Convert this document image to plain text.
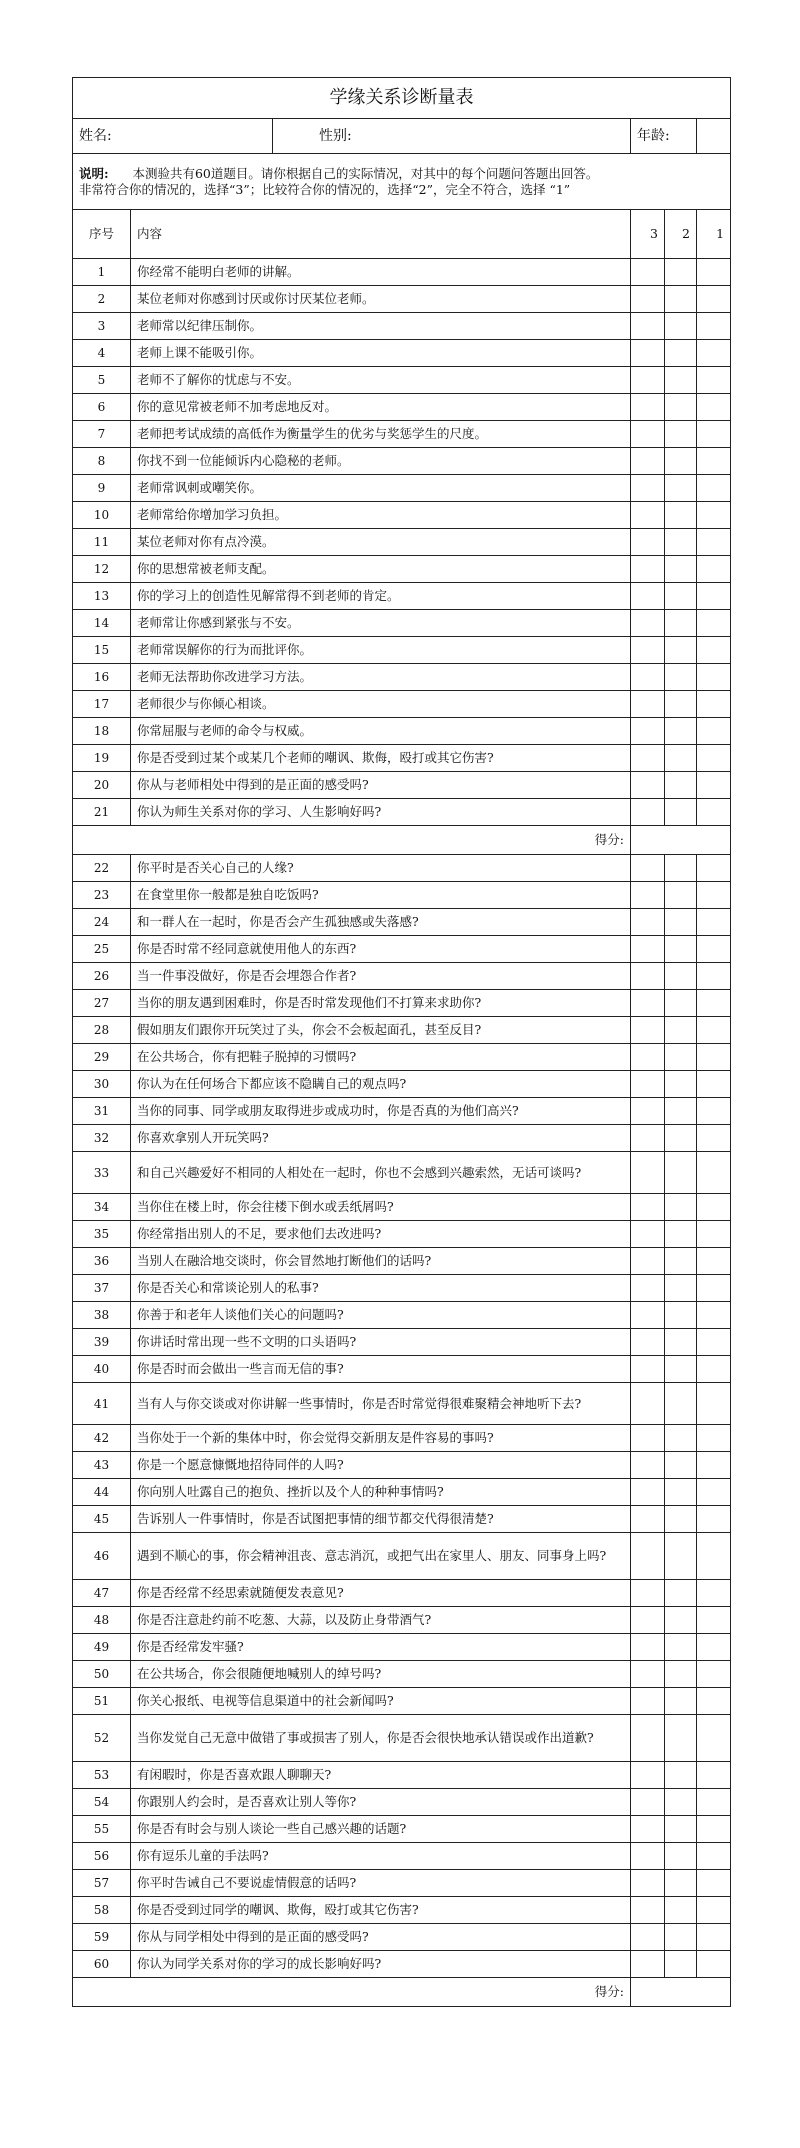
学缘关系诊断量表					
姓名:		性别:	年龄:		

说明: 本测验共有60道题目。请你根据自己的实际情况，对其中的每个问题问答题出回答。
非常符合你的情况的，选择“3”；比较符合你的情况的，选择“2”，完全不符合，选择 “1”					

序号	内容		3	2	1
1	你经常不能明白老师的讲解。				
2	某位老师对你感到讨厌或你讨厌某位老师。				
3	老师常以纪律压制你。				
4	老师上课不能吸引你。				
5	老师不了解你的忧虑与不安。				
6	你的意见常被老师不加考虑地反对。				
7	老师把考试成绩的高低作为衡量学生的优劣与奖惩学生的尺度。				
8	你找不到一位能倾诉内心隐秘的老师。				
9	老师常讽刺或嘲笑你。				
10	老师常给你增加学习负担。				
11	某位老师对你有点冷漠。				
12	你的思想常被老师支配。				
13	你的学习上的创造性见解常得不到老师的肯定。				
14	老师常让你感到紧张与不安。				
15	老师常误解你的行为而批评你。				
16	老师无法帮助你改进学习方法。				
17	老师很少与你倾心相谈。				
18	你常屈服与老师的命令与权威。				
19	你是否受到过某个或某几个老师的嘲讽、欺侮，殴打或其它伤害?				
20	你从与老师相处中得到的是正面的感受吗?				
21	你认为师生关系对你的学习、人生影响好吗?				
得分:					
22	你平时是否关心自己的人缘?				
23	在食堂里你一般都是独自吃饭吗?				
24	和一群人在一起时，你是否会产生孤独感或失落感?				
25	你是否时常不经同意就使用他人的东西?				
26	当一件事没做好，你是否会埋怨合作者?				
27	当你的朋友遇到困难时，你是否时常发现他们不打算来求助你?				
28	假如朋友们跟你开玩笑过了头，你会不会板起面孔，甚至反目?				
29	在公共场合，你有把鞋子脱掉的习惯吗?				
30	你认为在任何场合下都应该不隐瞒自己的观点吗?				
31	当你的同事、同学或朋友取得进步或成功时，你是否真的为他们高兴?				
32	你喜欢拿别人开玩笑吗?				
33	和自己兴趣爱好不相同的人相处在一起时，你也不会感到兴趣索然，无话可谈吗?				
34	当你住在楼上时，你会往楼下倒水或丢纸屑吗?				
35	你经常指出别人的不足，要求他们去改进吗?				
36	当别人在融洽地交谈时，你会冒然地打断他们的话吗?				
37	你是否关心和常谈论别人的私事?				
38	你善于和老年人谈他们关心的问题吗?				
39	你讲话时常出现一些不文明的口头语吗?				
40	你是否时而会做出一些言而无信的事?				
41	当有人与你交谈或对你讲解一些事情时，你是否时常觉得很难聚精会神地听下去?				
42	当你处于一个新的集体中时，你会觉得交新朋友是件容易的事吗?				
43	你是一个愿意慷慨地招待同伴的人吗?				
44	你向别人吐露自己的抱负、挫折以及个人的种种事情吗?				
45	告诉别人一件事情时，你是否试图把事情的细节都交代得很清楚?				
46	遇到不顺心的事，你会精神沮丧、意志消沉，或把气出在家里人、朋友、同事身上吗?				
47	你是否经常不经思索就随便发表意见?				
48	你是否注意赴约前不吃葱、大蒜，以及防止身带酒气?				
49	你是否经常发牢骚?				
50	在公共场合，你会很随便地喊别人的绰号吗?				
51	你关心报纸、电视等信息渠道中的社会新闻吗?				
52	当你发觉自己无意中做错了事或损害了别人，你是否会很快地承认错误或作出道歉?				
53	有闲暇时，你是否喜欢跟人聊聊天?				
54	你跟别人约会时，是否喜欢让别人等你?				
55	你是否有时会与别人谈论一些自己感兴趣的话题?				
56	你有逗乐儿童的手法吗?				
57	你平时告诫自己不要说虚情假意的话吗?				
58	你是否受到过同学的嘲讽、欺侮，殴打或其它伤害?				
59	你从与同学相处中得到的是正面的感受吗?				
60	你认为同学关系对你的学习的成长影响好吗?				
得分:					
